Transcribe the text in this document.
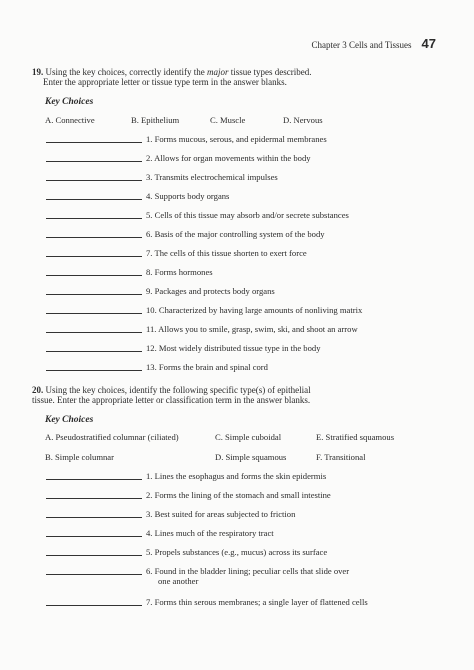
Chapter 3 Cells and Tissues 47
19. Using the key choices, correctly identify the major tissue types described.
Enter the appropriate letter or tissue type term in the answer blanks.
Key Choices
A. Connective	B. Epithelium	C. Muscle	D. Nervous
1. Forms mucous, serous, and epidermal membranes
2. Allows for organ movements within the body
3. Transmits electrochemical impulses
4. Supports body organs
5. Cells of this tissue may absorb and/or secrete substances
6. Basis of the major controlling system of the body
7. The cells of this tissue shorten to exert force
8. Forms hormones
9. Packages and protects body organs
10. Characterized by having large amounts of nonliving matrix
11. Allows you to smile, grasp, swim, ski, and shoot an arrow
12. Most widely distributed tissue type in the body
13. Forms the brain and spinal cord
20. Using the key choices, identify the following specific type(s) of epithelial
tissue. Enter the appropriate letter or classification term in the answer blanks.
Key Choices
A. Pseudostratified columnar (ciliated)	C. Simple cuboidal	E. Stratified squamous
B. Simple columnar	D. Simple squamous	F. Transitional
1. Lines the esophagus and forms the skin epidermis
2. Forms the lining of the stomach and small intestine
3. Best suited for areas subjected to friction
4. Lines much of the respiratory tract
5. Propels substances (e.g., mucus) across its surface
6. Found in the bladder lining; peculiar cells that slide over
one another
7. Forms thin serous membranes; a single layer of flattened cells
